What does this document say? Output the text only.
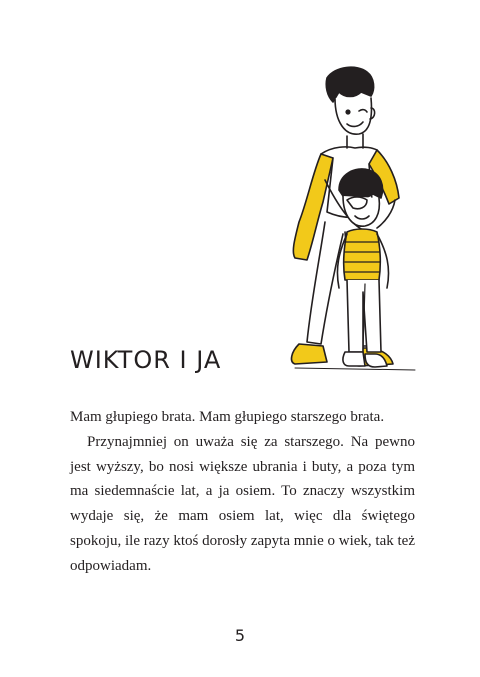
WIKTOR I JA

Mam głupiego brata. Mam głupiego starszego brata.

Przynajmniej on uważa się za starszego. Na pewno jest wyższy, bo nosi większe ubrania i buty, a poza tym ma siedemnaście lat, a ja osiem. To znaczy wszystkim wydaje się, że mam osiem lat, więc dla świętego spokoju, ile razy ktoś dorosły zapyta mnie o wiek, tak też odpowiadam.

5
